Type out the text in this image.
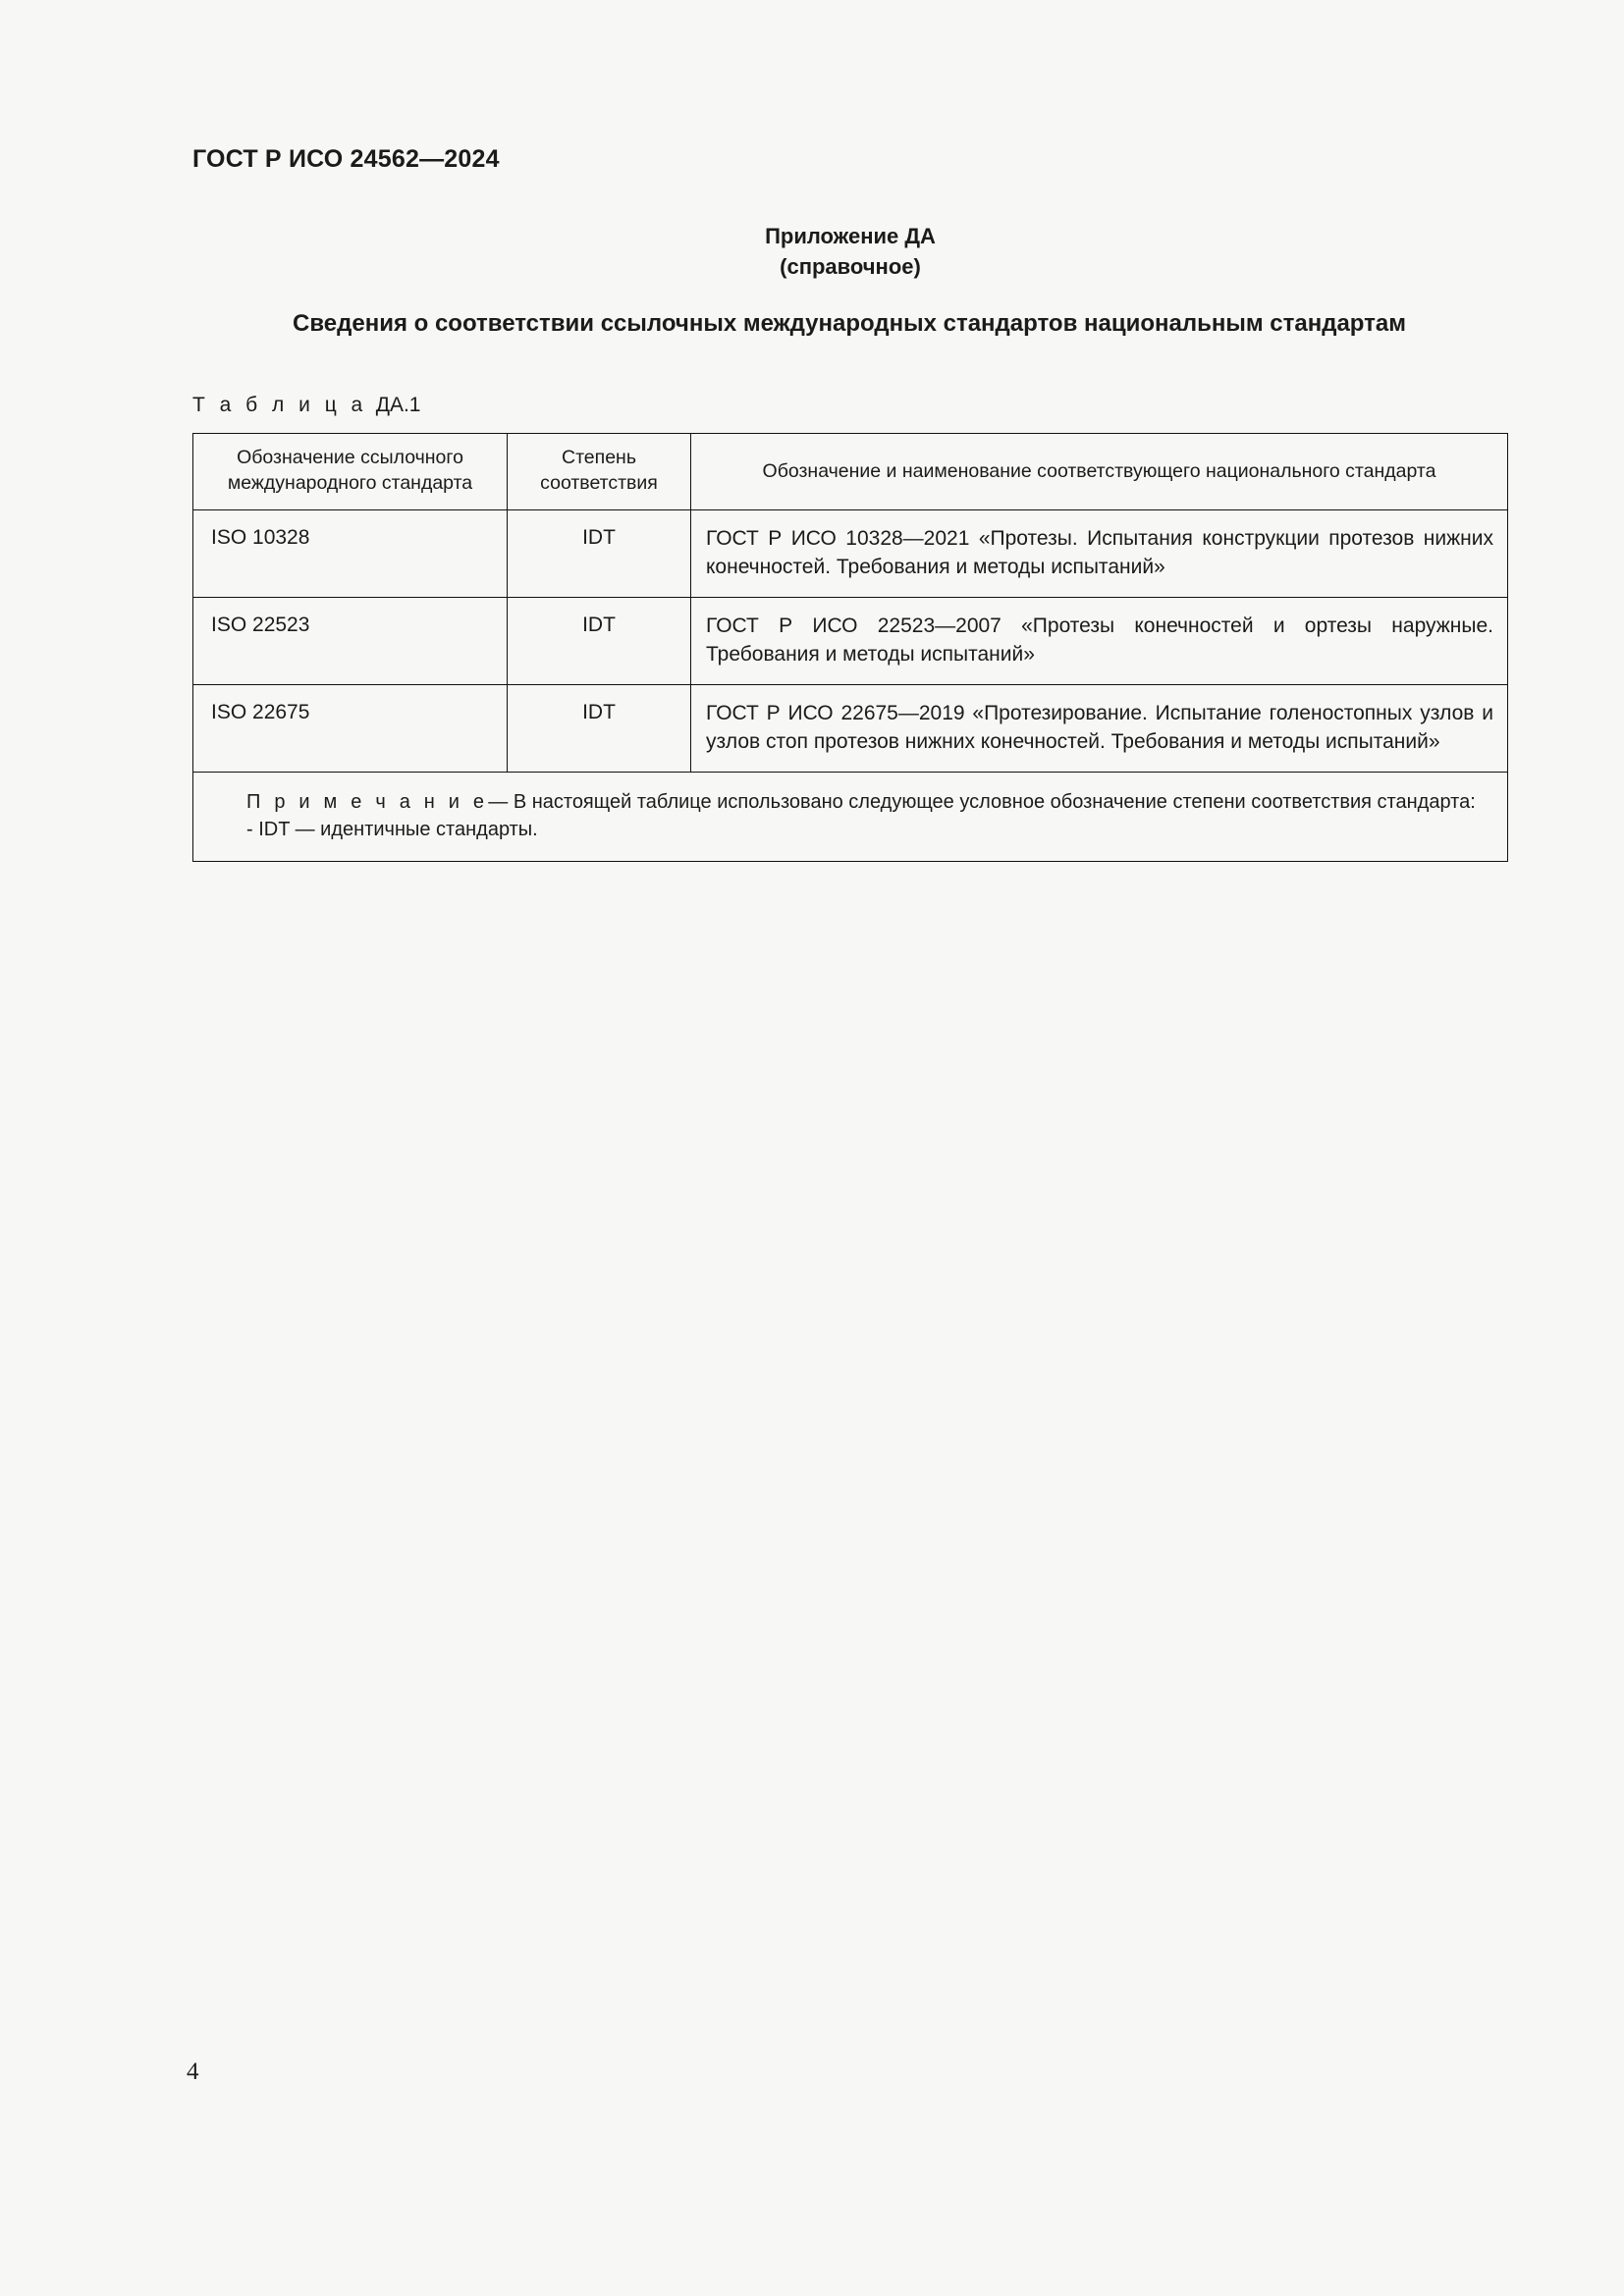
ГОСТ Р ИСО 24562—2024
Приложение ДА
(справочное)
Сведения о соответствии ссылочных международных стандартов национальным стандартам
Т а б л и ц а ДА.1
Обозначение ссылочного международного стандарта	Степень соответствия	Обозначение и наименование соответствующего национального стандарта
ISO 10328	IDT	ГОСТ Р ИСО 10328—2021 «Протезы. Испытания конструкции протезов нижних конечностей. Требования и методы испытаний»
ISO 22523	IDT	ГОСТ Р ИСО 22523—2007 «Протезы конечностей и ортезы наружные. Требования и методы испытаний»
ISO 22675	IDT	ГОСТ Р ИСО 22675—2019 «Протезирование. Испытание голеностопных узлов и узлов стоп протезов нижних конечностей. Требования и методы испытаний»

П р и м е ч а н и е— В настоящей таблице использовано следующее условное обозначение степени соответствия стандарта:

- IDT — идентичные стандарты.		

4
